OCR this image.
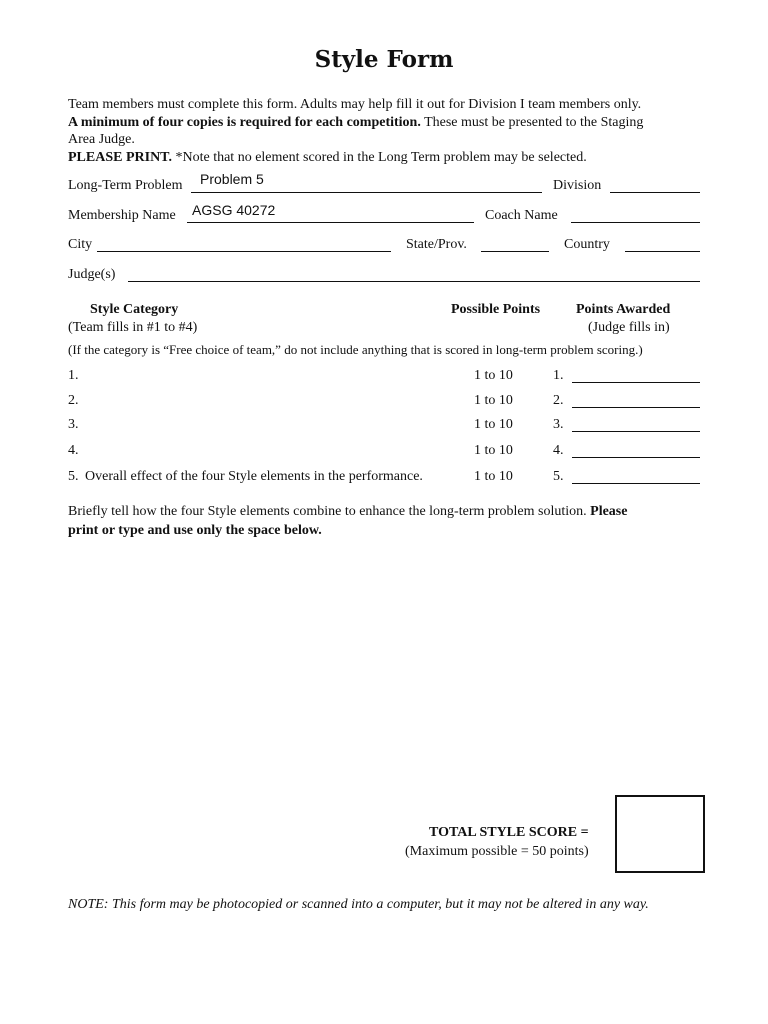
Style Form
Team members must complete this form. Adults may help fill it out for Division I team members only.
A minimum of four copies is required for each competition. These must be presented to the Staging
Area Judge.
PLEASE PRINT. *Note that no element scored in the Long Term problem may be selected.
Long-Term Problem Problem 5	Division
Membership Name AGSG 40272	Coach Name
City	State/Prov.	Country
Judge(s)
Style Category
(Team fills in #1 to #4)
Possible Points	Points Awarded
(Judge fills in)
(If the category is “Free choice of team,” do not include anything that is scored in long-term problem scoring.)
1.	1 to 10	1.
2.	1 to 10	2.
3.	1 to 10	3.
4.	1 to 10	4.
5. Overall effect of the four Style elements in the performance.	1 to 10	5.
Briefly tell how the four Style elements combine to enhance the long-term problem solution. Please
print or type and use only the space below.
TOTAL STYLE SCORE =
(Maximum possible = 50 points)
NOTE: This form may be photocopied or scanned into a computer, but it may not be altered in any way.
